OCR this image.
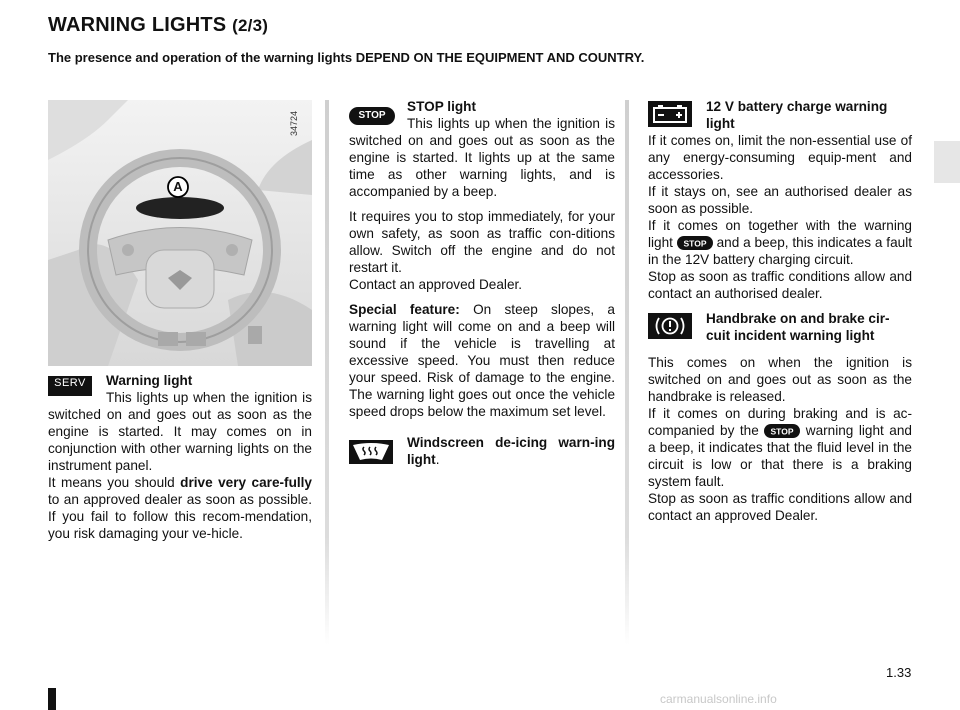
WARNING LIGHTS (2/3)
The presence and operation of the warning lights DEPEND ON THE EQUIPMENT AND COUNTRY.
A
34724
SERV	Warning light

This lights up when the ignition is switched on and goes out as soon as the engine is started. It may comes on in conjunction with other warning lights on the instrument panel.

It means you should drive very care-fully to an approved dealer as soon as possible. If you fail to follow this recom-mendation, you risk damaging your ve-hicle.

STOP
STOP light

This lights up when the ignition is switched on and goes out as soon as the engine is started. It lights up at the same time as other warning lights, and is accompanied by a beep.

It requires you to stop immediately, for your own safety, as soon as traffic con-ditions allow. Switch off the engine and do not restart it.

Contact an approved Dealer.

Special feature: On steep slopes, a warning light will come on and a beep will sound if the vehicle is travelling at excessive speed. You must then reduce your speed. Risk of damage to the engine. The warning light goes out once the vehicle speed drops below the maximum set level.

Windscreen de-icing warn-ing light.
12 V battery charge warning light

If it comes on, limit the non-essential use of any energy-consuming equip-ment and accessories.

If it stays on, see an authorised dealer as soon as possible.

If it comes on together with the warning light STOP and a beep, this indicates a fault in the 12V battery charging circuit.

Stop as soon as traffic conditions allow and contact an authorised dealer.

Handbrake on and brake cir-cuit incident warning light

This comes on when the ignition is switched on and goes out as soon as the handbrake is released.

If it comes on during braking and is ac-companied by the STOP warning light and a beep, it indicates that the fluid level in the circuit is low or that there is a braking system fault.

Stop as soon as traffic conditions allow and contact an approved Dealer.

1.33
carmanualsonline.info
